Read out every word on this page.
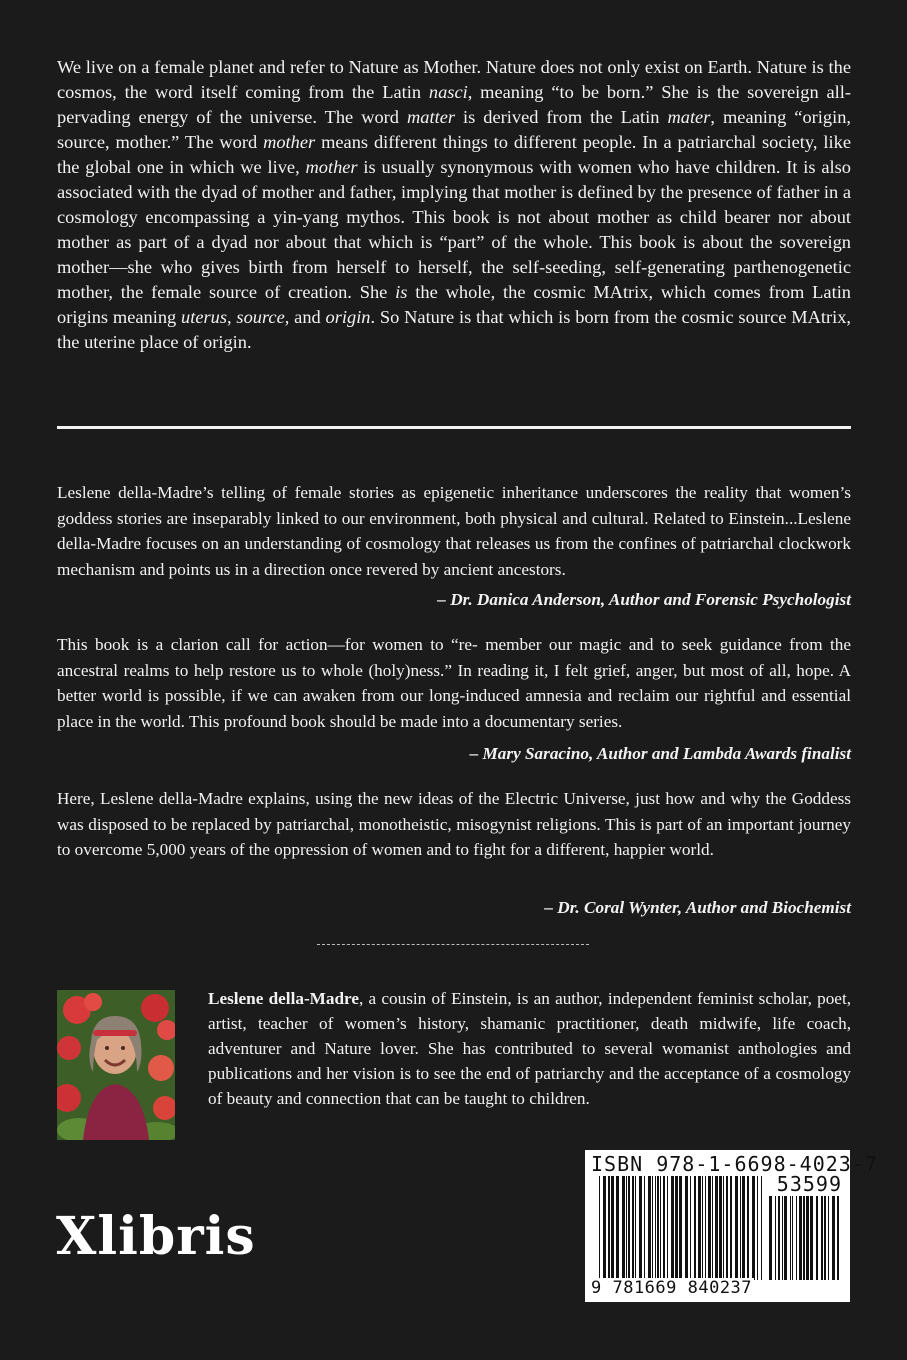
We live on a female planet and refer to Nature as Mother. Nature does not only exist on Earth. Nature is the cosmos, the word itself coming from the Latin nasci, meaning “to be born.” She is the sovereign all-pervading energy of the universe. The word matter is derived from the Latin mater, meaning “origin, source, mother.” The word mother means different things to different people. In a patriarchal society, like the global one in which we live, mother is usually synonymous with women who have children. It is also associated with the dyad of mother and father, implying that mother is defined by the presence of father in a cosmology encompassing a yin-yang mythos. This book is not about mother as child bearer nor about mother as part of a dyad nor about that which is “part” of the whole. This book is about the sovereign mother—she who gives birth from herself to herself, the self-seeding, self-generating parthenogenetic mother, the female source of creation. She is the whole, the cosmic MAtrix, which comes from Latin origins meaning uterus, source, and origin. So Nature is that which is born from the cosmic source MAtrix, the uterine place of origin.

Leslene della-Madre’s telling of female stories as epigenetic inheritance underscores the reality that women’s goddess stories are inseparably linked to our environment, both physical and cultural. Related to Einstein...Leslene della-Madre focuses on an understanding of cosmology that releases us from the confines of patriarchal clockwork mechanism and points us in a direction once revered by ancient ancestors.

– Dr. Danica Anderson, Author and Forensic Psychologist

This book is a clarion call for action—for women to “re- member our magic and to seek guidance from the ancestral realms to help restore us to whole (holy)ness.” In reading it, I felt grief, anger, but most of all, hope. A better world is possible, if we can awaken from our long-induced amnesia and reclaim our rightful and essential place in the world. This profound book should be made into a documentary series.

– Mary Saracino, Author and Lambda Awards finalist

Here, Leslene della-Madre explains, using the new ideas of the Electric Universe, just how and why the Goddess was disposed to be replaced by patriarchal, monotheistic, misogynist religions. This is part of an important journey to overcome 5,000 years of the oppression of women and to fight for a different, happier world.

– Dr. Coral Wynter, Author and Biochemist

Leslene della-Madre, a cousin of Einstein, is an author, independent feminist scholar, poet, artist, teacher of women’s history, shamanic practitioner, death midwife, life coach, adventurer and Nature lover. She has contributed to several womanist anthologies and publications and her vision is to see the end of patriarchy and the acceptance of a cosmology of beauty and connection that can be taught to children.

Xlibris
ISBN 978-1-6698-4023-7
53599
9 781669 840237
